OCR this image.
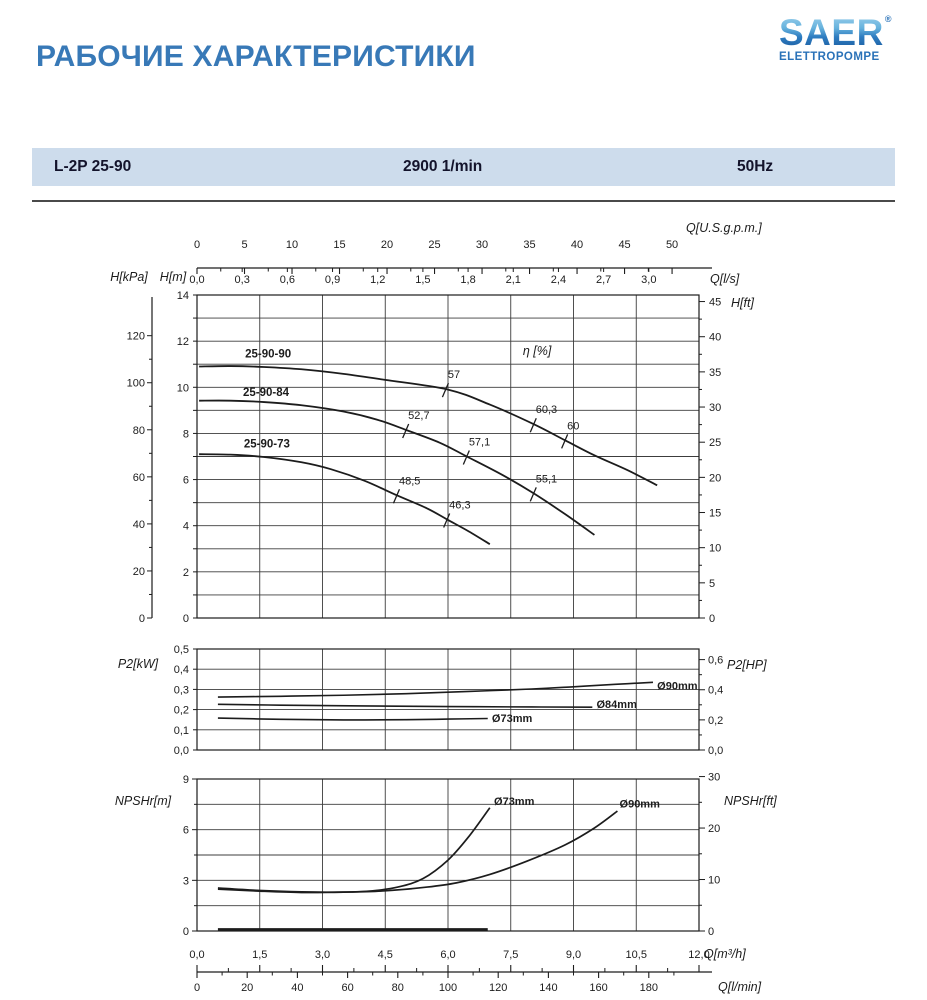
РАБОЧИЕ ХАРАКТЕРИСТИКИ
SAER®
ELETTROPOMPE
L-2P 25-90	2900 1/min	50Hz
0	5	10	15	20	25	30	35	40	45	50
0,0	0,3	0,6	0,9	1,2	1,5	1,8	2,1	2,4	2,7	3,0
Q[U.S.g.p.m.]
Q[l/s]
0,0	1,5	3,0	4,5	6,0	7,5	9,0	10,5	12,0
0	20	40	60	80	100	120	140	160	180
Q[m³/h]
Q[l/min]
0
20
40
60
80
100
120
H[kPa]
0
2
4
6
8
10
12
14
H[m]
0
5
10
15
20
25
30
35
40
45 H[ft]
25-90-90
25-90-84
25-90-73
57
60,3
60
52,7
57,1
55,1
48,5
46,3
η [%]
0,0
0,1
0,2
0,3
0,4
0,5
P2[kW]
0,0
0,2
0,4
0,6 P2[HP]
Ø90mm
Ø84mm
Ø73mm
0
3
6
9
NPSHr[m]
0
10
20
30
NPSHr[ft]
Ø73mm	Ø90mm
